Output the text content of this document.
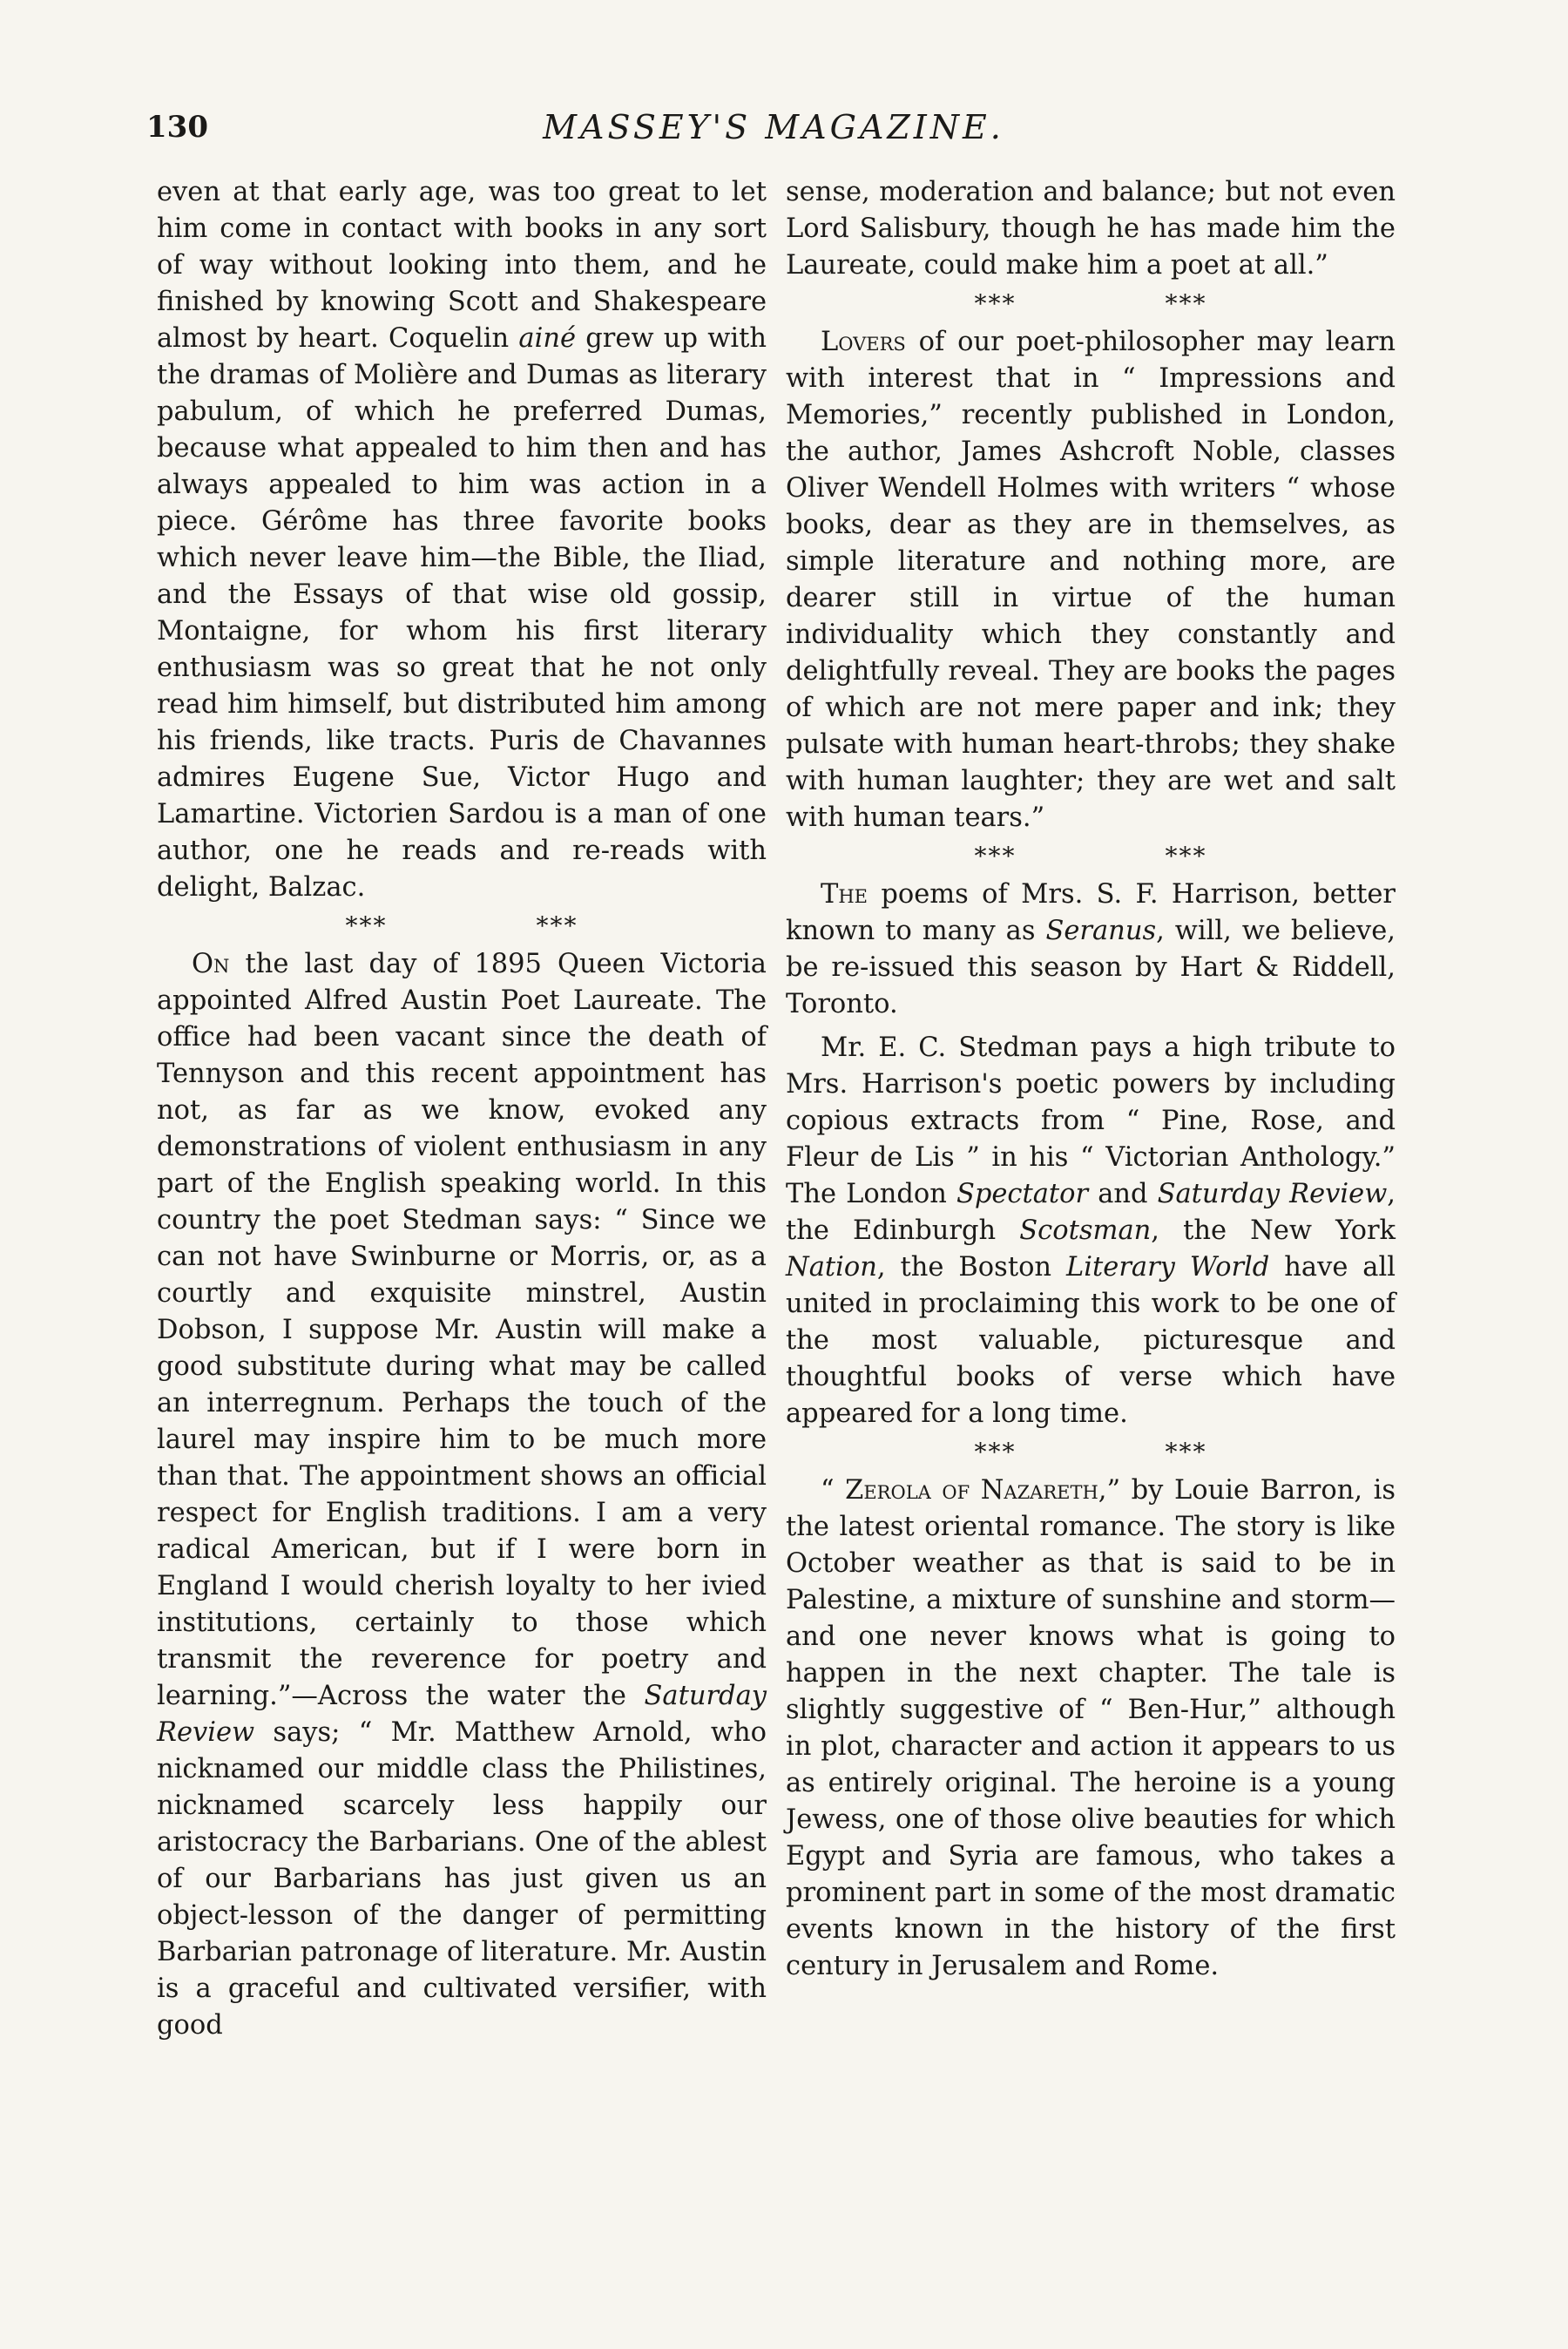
130	MASSEY'S MAGAZINE.

even at that early age, was too great to let him come in contact with books in any sort of way without looking into them, and he finished by knowing Scott and Shakespeare almost by heart. Coquelin ainé grew up with the dramas of Molière and Dumas as literary pabulum, of which he preferred Dumas, because what appealed to him then and has always appealed to him was action in a piece. Gérôme has three favorite books which never leave him—the Bible, the Iliad, and the Essays of that wise old gossip, Montaigne, for whom his first literary enthusiasm was so great that he not only read him himself, but distributed him among his friends, like tracts. Puris de Chavannes admires Eugene Sue, Victor Hugo and Lamartine. Victorien Sardou is a man of one author, one he reads and re-reads with delight, Balzac.

*** ***

On the last day of 1895 Queen Victoria appointed Alfred Austin Poet Laureate. The office had been vacant since the death of Tennyson and this recent appointment has not, as far as we know, evoked any demonstrations of violent enthusiasm in any part of the English speaking world. In this country the poet Stedman says: “ Since we can not have Swinburne or Morris, or, as a courtly and exquisite minstrel, Austin Dobson, I suppose Mr. Austin will make a good substitute during what may be called an interregnum. Perhaps the touch of the laurel may inspire him to be much more than that. The appointment shows an official respect for English traditions. I am a very radical American, but if I were born in England I would cherish loyalty to her ivied institutions, certainly to those which transmit the reverence for poetry and learning.”—Across the water the Saturday Review says; “ Mr. Matthew Arnold, who nicknamed our middle class the Philistines, nicknamed scarcely less happily our aristocracy the Barbarians. One of the ablest of our Barbarians has just given us an object-lesson of the danger of permitting Barbarian patronage of literature. Mr. Austin is a graceful and cultivated versifier, with good

sense, moderation and balance; but not even Lord Salisbury, though he has made him the Laureate, could make him a poet at all.”

*** ***

Lovers of our poet-philosopher may learn with interest that in “ Impressions and Memories,” recently published in London, the author, James Ashcroft Noble, classes Oliver Wendell Holmes with writers “ whose books, dear as they are in themselves, as simple literature and nothing more, are dearer still in virtue of the human individuality which they constantly and delightfully reveal. They are books the pages of which are not mere paper and ink; they pulsate with human heart-throbs; they shake with human laughter; they are wet and salt with human tears.”

*** ***

The poems of Mrs. S. F. Harrison, better known to many as Seranus, will, we believe, be re-issued this season by Hart & Riddell, Toronto.

Mr. E. C. Stedman pays a high tribute to Mrs. Harrison's poetic powers by including copious extracts from “ Pine, Rose, and Fleur de Lis ” in his “ Victorian Anthology.” The London Spectator and Saturday Review, the Edinburgh Scotsman, the New York Nation, the Boston Literary World have all united in proclaiming this work to be one of the most valuable, picturesque and thoughtful books of verse which have appeared for a long time.

*** ***

“ Zerola of Nazareth,” by Louie Barron, is the latest oriental romance. The story is like October weather as that is said to be in Palestine, a mixture of sunshine and storm—and one never knows what is going to happen in the next chapter. The tale is slightly suggestive of “ Ben-Hur,” although in plot, character and action it appears to us as entirely original. The heroine is a young Jewess, one of those olive beauties for which Egypt and Syria are famous, who takes a prominent part in some of the most dramatic events known in the history of the first century in Jerusalem and Rome.
